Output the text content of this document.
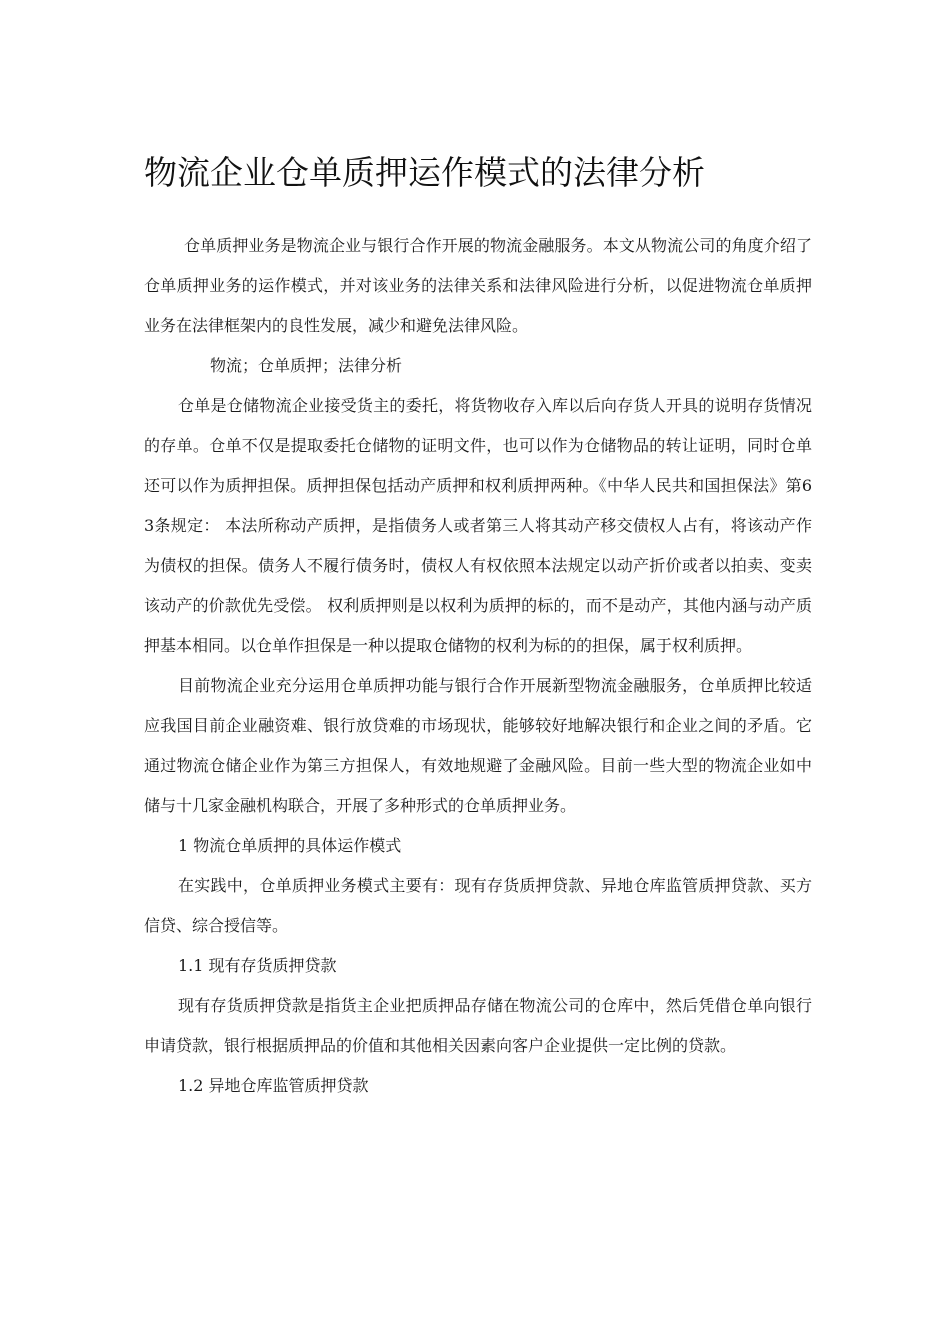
物流企业仓单质押运作模式的法律分析

仓单质押业务是物流企业与银行合作开展的物流金融服务。本文从物流公司的角度介绍了仓单质押业务的运作模式，并对该业务的法律关系和法律风险进行分析，以促进物流仓单质押业务在法律框架内的良性发展，减少和避免法律风险。

物流；仓单质押；法律分析

仓单是仓储物流企业接受货主的委托，将货物收存入库以后向存货人开具的说明存货情况的存单。仓单不仅是提取委托仓储物的证明文件，也可以作为仓储物品的转让证明，同时仓单还可以作为质押担保。质押担保包括动产质押和权利质押两种。《中华人民共和国担保法》第63条规定： 本法所称动产质押，是指债务人或者第三人将其动产移交债权人占有，将该动产作为债权的担保。债务人不履行债务时，债权人有权依照本法规定以动产折价或者以拍卖、变卖该动产的价款优先受偿。 权利质押则是以权利为质押的标的，而不是动产，其他内涵与动产质押基本相同。以仓单作担保是一种以提取仓储物的权利为标的的担保，属于权利质押。

目前物流企业充分运用仓单质押功能与银行合作开展新型物流金融服务，仓单质押比较适应我国目前企业融资难、银行放贷难的市场现状，能够较好地解决银行和企业之间的矛盾。它通过物流仓储企业作为第三方担保人，有效地规避了金融风险。目前一些大型的物流企业如中储与十几家金融机构联合，开展了多种形式的仓单质押业务。

1 物流仓单质押的具体运作模式

在实践中，仓单质押业务模式主要有：现有存货质押贷款、异地仓库监管质押贷款、买方信贷、综合授信等。

1.1 现有存货质押贷款

现有存货质押贷款是指货主企业把质押品存储在物流公司的仓库中，然后凭借仓单向银行申请贷款，银行根据质押品的价值和其他相关因素向客户企业提供一定比例的贷款。

1.2 异地仓库监管质押贷款
